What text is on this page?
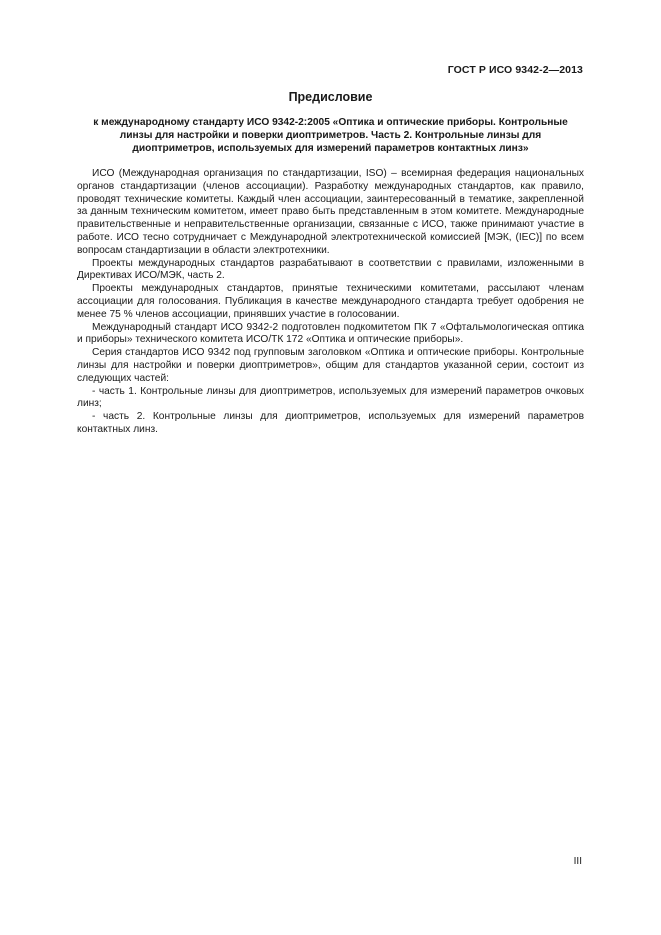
ГОСТ Р ИСО 9342-2—2013
Предисловие
к международному стандарту ИСО 9342-2:2005 «Оптика и оптические приборы. Контрольные
линзы для настройки и поверки диоптриметров. Часть 2. Контрольные линзы для
диоптриметров, используемых для измерений параметров контактных линз»

ИСО (Международная организация по стандартизации, ISO) – всемирная федерация национальных органов стандартизации (членов ассоциации). Разработку международных стандартов, как правило, проводят технические комитеты. Каждый член ассоциации, заинтересованный в тематике, закрепленной за данным техническим комитетом, имеет право быть представленным в этом комитете. Международные правительственные и неправительственные организации, связанные с ИСО, также принимают участие в работе. ИСО тесно сотрудничает с Международной электротехнической комиссией [МЭК, (IEC)] по всем вопросам стандартизации в области электротехники.

Проекты международных стандартов разрабатывают в соответствии с правилами, изложенными в Директивах ИСО/МЭК, часть 2.

Проекты международных стандартов, принятые техническими комитетами, рассылают членам ассоциации для голосования. Публикация в качестве международного стандарта требует одобрения не менее 75 % членов ассоциации, принявших участие в голосовании.

Международный стандарт ИСО 9342-2 подготовлен подкомитетом ПК 7 «Офтальмологическая оптика и приборы» технического комитета ИСО/ТК 172 «Оптика и оптические приборы».

Серия стандартов ИСО 9342 под групповым заголовком «Оптика и оптические приборы. Контрольные линзы для настройки и поверки диоптриметров», общим для стандартов указанной серии, состоит из следующих частей:

- часть 1. Контрольные линзы для диоптриметров, используемых для измерений параметров очковых линз;

- часть 2. Контрольные линзы для диоптриметров, используемых для измерений параметров контактных линз.

III
